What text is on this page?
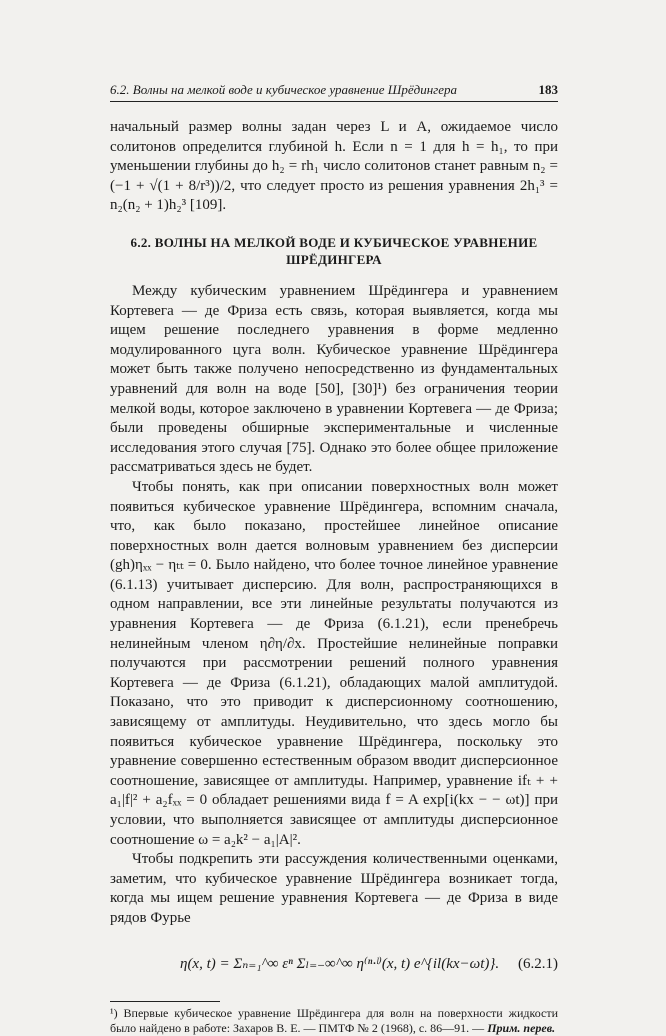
6.2. Волны на мелкой воде и кубическое уравнение Шрёдингера	183

начальный размер волны задан через L и A, ожидаемое число солитонов определится глубиной h. Если n = 1 для h = h₁, то при уменьшении глубины до h₂ = rh₁ число солитонов станет равным n₂ = (−1 + √(1 + 8/r³))/2, что следует просто из решения уравнения 2h₁³ = n₂(n₂ + 1)h₂³ [109].

6.2. ВОЛНЫ НА МЕЛКОЙ ВОДЕ И КУБИЧЕСКОЕ УРАВНЕНИЕ ШРЁДИНГЕРА

Между кубическим уравнением Шрёдингера и уравнением Кортевега — де Фриза есть связь, которая выявляется, когда мы ищем решение последнего уравнения в форме медленно модулированного цуга волн. Кубическое уравнение Шрёдингера может быть также получено непосредственно из фундаментальных уравнений для волн на воде [50], [30]¹) без ограничения теории мелкой воды, которое заключено в уравнении Кортевега — де Фриза; были проведены обширные экспериментальные и численные исследования этого случая [75]. Однако это более общее приложение рассматриваться здесь не будет.

Чтобы понять, как при описании поверхностных волн может появиться кубическое уравнение Шрёдингера, вспомним сначала, что, как было показано, простейшее линейное описание поверхностных волн дается волновым уравнением без дисперсии (gh)ηₓₓ − ηₜₜ = 0. Было найдено, что более точное линейное уравнение (6.1.13) учитывает дисперсию. Для волн, распространяющихся в одном направлении, все эти линейные результаты получаются из уравнения Кортевега — де Фриза (6.1.21), если пренебречь нелинейным членом η∂η/∂x. Простейшие нелинейные поправки получаются при рассмотрении решений полного уравнения Кортевега — де Фриза (6.1.21), обладающих малой амплитудой. Показано, что это приводит к дисперсионному соотношению, зависящему от амплитуды. Неудивительно, что здесь могло бы появиться кубическое уравнение Шрёдингера, поскольку это уравнение совершенно естественным образом вводит дисперсионное соотношение, зависящее от амплитуды. Например, уравнение ifₜ + + a₁|f|² + a₂fₓₓ = 0 обладает решениями вида f = A exp[i(kx − − ωt)] при условии, что выполняется зависящее от амплитуды дисперсионное соотношение ω = a₂k² − a₁|A|².

Чтобы подкрепить эти рассуждения количественными оценками, заметим, что кубическое уравнение Шрёдингера возникает тогда, когда мы ищем решение уравнения Кортевега — де Фриза в виде рядов Фурье

η(x, t) = Σₙ₌₁^∞ εⁿ Σₗ₌₋∞^∞ η⁽ⁿ·ˡ⁾(x, t) e^{il(kx−ωt)}. (6.2.1)
¹) Впервые кубическое уравнение Шрёдингера для волн на поверхности жидкости было найдено в работе: Захаров В. Е. — ПМТФ № 2 (1968), с. 86—91. — Прим. перев.
